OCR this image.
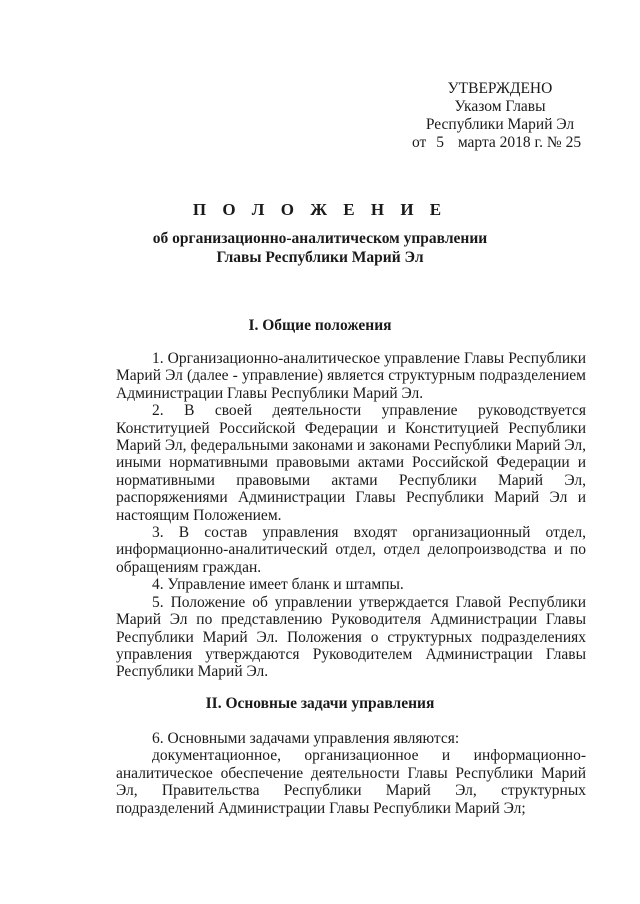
УТВЕРЖДЕНО
Указом Главы
Республики Марий Эл
от 5 марта 2018 г. № 25
П О Л О Ж Е Н И Е
об организационно-аналитическом управлении
Главы Республики Марий Эл
I. Общие положения

1. Организационно-аналитическое управление Главы Республики Марий Эл (далее - управление) является структурным подразделением Администрации Главы Республики Марий Эл.

2. В своей деятельности управление руководствуется Конституцией Российской Федерации и Конституцией Республики Марий Эл, федеральными законами и законами Республики Марий Эл, иными нормативными правовыми актами Российской Федерации и нормативными правовыми актами Республики Марий Эл, распоряжениями Администрации Главы Республики Марий Эл и настоящим Положением.

3. В состав управления входят организационный отдел, информационно-аналитический отдел, отдел делопроизводства и по обращениям граждан.

4. Управление имеет бланк и штампы.

5. Положение об управлении утверждается Главой Республики Марий Эл по представлению Руководителя Администрации Главы Республики Марий Эл. Положения о структурных подразделениях управления утверждаются Руководителем Администрации Главы Республики Марий Эл.

II. Основные задачи управления

6. Основными задачами управления являются:

документационное, организационное и информационно-аналитическое обеспечение деятельности Главы Республики Марий Эл, Правительства Республики Марий Эл, структурных подразделений Администрации Главы Республики Марий Эл;
